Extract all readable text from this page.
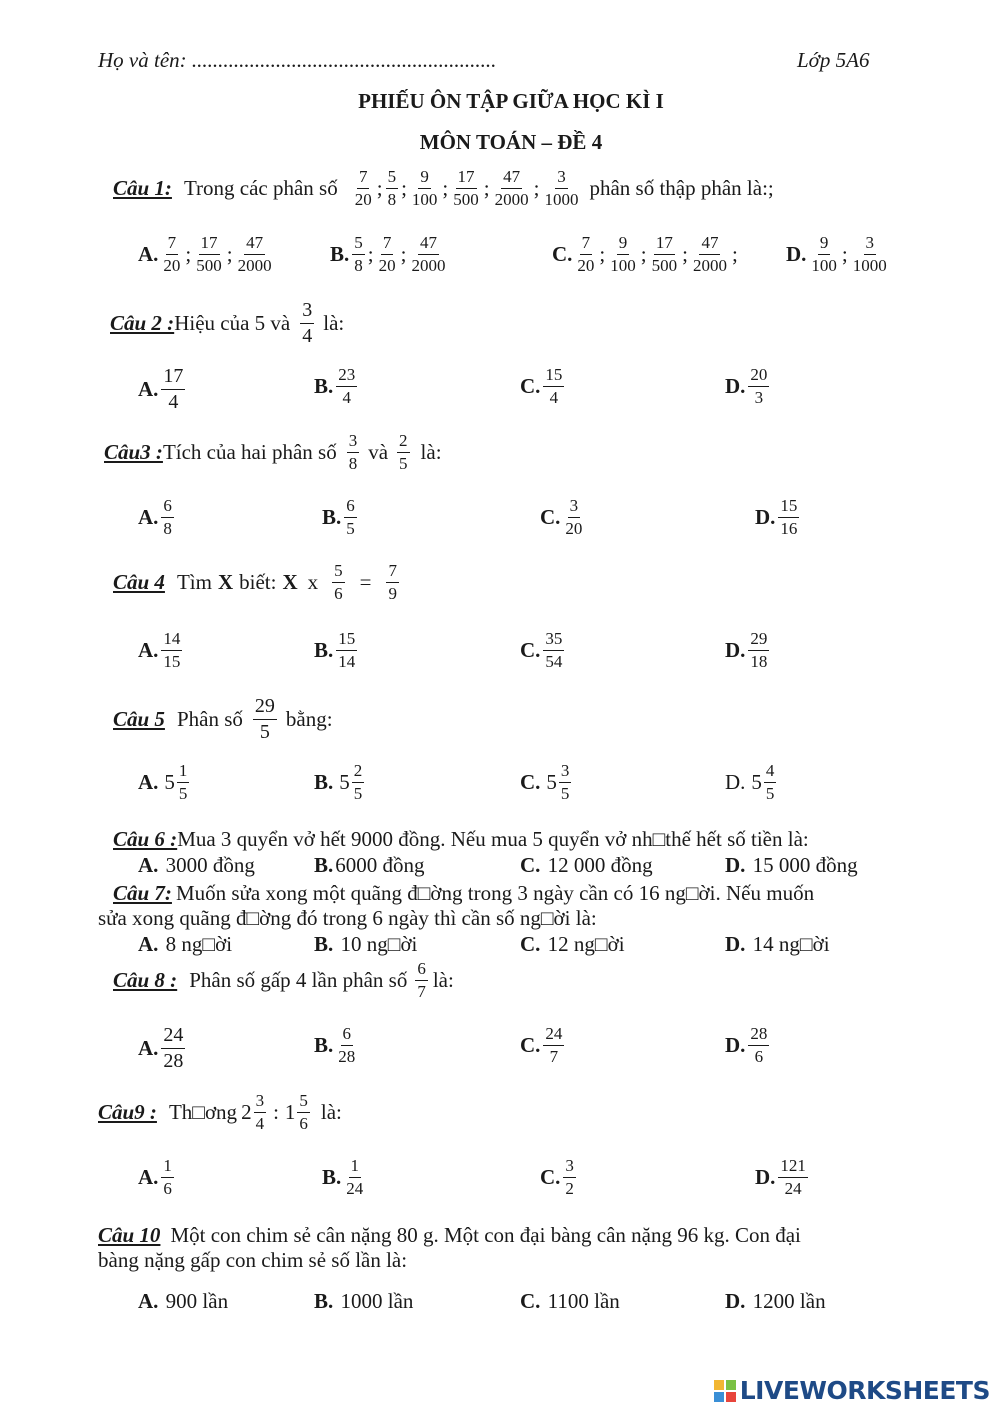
Họ và tên: ..........................................................	Lớp 5A6
PHIẾU ÔN TẬP GIỮA HỌC KÌ I
MÔN TOÁN – ĐỀ 4
Câu 1: Trong các phân số $\frac{7}{20}$ ; $\frac{5}{8}$ ; $\frac{9}{100}$ ; $\frac{17}{500}$ ; $\frac{47}{2000}$ ; $\frac{3}{1000}$ phân số thập phân là:;
A. $\frac{7}{20}$ ; $\frac{17}{500}$ ; $\frac{47}{2000}$	B. $\frac{5}{8}$ ; $\frac{7}{20}$ ; $\frac{47}{2000}$	C. $\frac{7}{20}$ ; $\frac{9}{100}$ ; $\frac{17}{500}$ ; $\frac{47}{2000}$ ; D. $\frac{9}{100}$ ; $\frac{3}{1000}$
Câu 2 : Hiệu của 5 và
3
4
là:
Câu3 : Tích của hai phân số 3
8 và 2
5 là:
Câu 4 Tìm X biết: X x $\frac{5}{6} = \frac{7}{9}$
Câu 5 Phân số
29
5
bằng:
Câu 6 :Mua 3 quyển vở hết 9000 đồng. Nếu mua 5 quyển vở nh□thế hết số tiền là:
Câu 7: Muốn sửa xong một quãng đ□ờng trong 3 ngày cần có 16 ng□ời. Nếu muốn
sửa xong quãng đ□ờng đó trong 6 ngày thì cần số ng□ời là:
Câu 8 : Phân số gấp 4 lần phân số 6
7 là:
Câu9 : Th□ơng 2 3
4 : 1 5
6 là:
Câu 10 Một con chim sẻ cân nặng 80 g. Một con đại bàng cân nặng 96 kg. Con đại
bàng nặng gấp con chim sẻ số lần là:
LIVEWORKSHEETS
A. $\frac{17}{4}$	B. $\frac{23}{4}$	C. $\frac{15}{4}$	D. $\frac{20}{3}$
A. $\frac{6}{8}$	B. $\frac{6}{5}$	C. $\frac{3}{20}$	D. $\frac{15}{16}$
A. $\frac{14}{15}$	B. $\frac{15}{14}$	C. $\frac{35}{54}$	D. $\frac{29}{18}$
A. $\frac{24}{28}$	B. $\frac{6}{28}$	C. $\frac{24}{7}$	D. $\frac{28}{6}$
A. $\frac{1}{6}$	B. $\frac{1}{24}$	C. $\frac{3}{2}$	D. $\frac{121}{24}$
A. $5 \frac{1}{5}$	B. $5 \frac{2}{5}$	C. $5 \frac{3}{5}$	D. $5 \frac{4}{5}$
A. 3000 đồng	B.6000 đồng	C. 12 000 đồng	D. 15 000 đồng
A. 8 ng□ời	B. 10 ng□ời	C. 12 ng□ời	D. 14 ng□ời
A. 900 lần	B. 1000 lần	C. 1100 lần	D. 1200 lần
